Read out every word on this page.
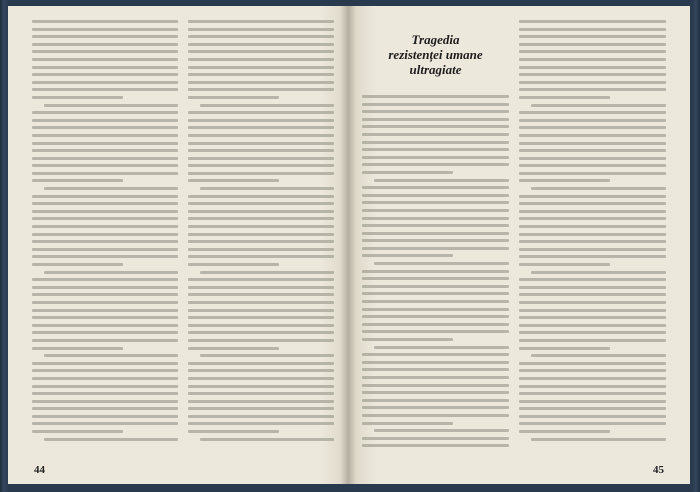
44
Tragedia
rezistenței umane
ultragiate
45
